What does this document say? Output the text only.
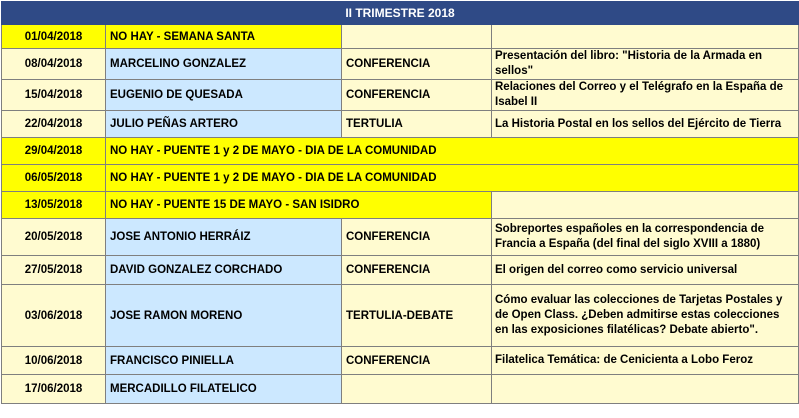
II TRIMESTRE 2018			
01/04/2018	NO HAY - SEMANA SANTA		
08/04/2018	MARCELINO GONZALEZ	CONFERENCIA	Presentación del libro: "Historia de la Armada en sellos"
15/04/2018	EUGENIO DE QUESADA	CONFERENCIA	Relaciones del Correo y el Telégrafo en la España de Isabel II
22/04/2018	JULIO PEÑAS ARTERO	TERTULIA	La Historia Postal en los sellos del Ejército de Tierra
29/04/2018	NO HAY - PUENTE 1 y 2 DE MAYO - DIA DE LA COMUNIDAD		
06/05/2018	NO HAY - PUENTE 1 y 2 DE MAYO - DIA DE LA COMUNIDAD		
13/05/2018	NO HAY - PUENTE 15 DE MAYO - SAN ISIDRO		
20/05/2018	JOSE ANTONIO HERRÁIZ	CONFERENCIA	Sobreportes españoles en la correspondencia de Francia a España (del final del siglo XVIII a 1880)
27/05/2018	DAVID GONZALEZ CORCHADO	CONFERENCIA	El origen del correo como servicio universal
03/06/2018	JOSE RAMON MORENO	TERTULIA-DEBATE	Cómo evaluar las colecciones de Tarjetas Postales y de Open Class. ¿Deben admitirse estas colecciones en las exposiciones filatélicas? Debate abierto".
10/06/2018	FRANCISCO PINIELLA	CONFERENCIA	Filatelica Temática: de Cenicienta a Lobo Feroz
17/06/2018	MERCADILLO FILATELICO		
